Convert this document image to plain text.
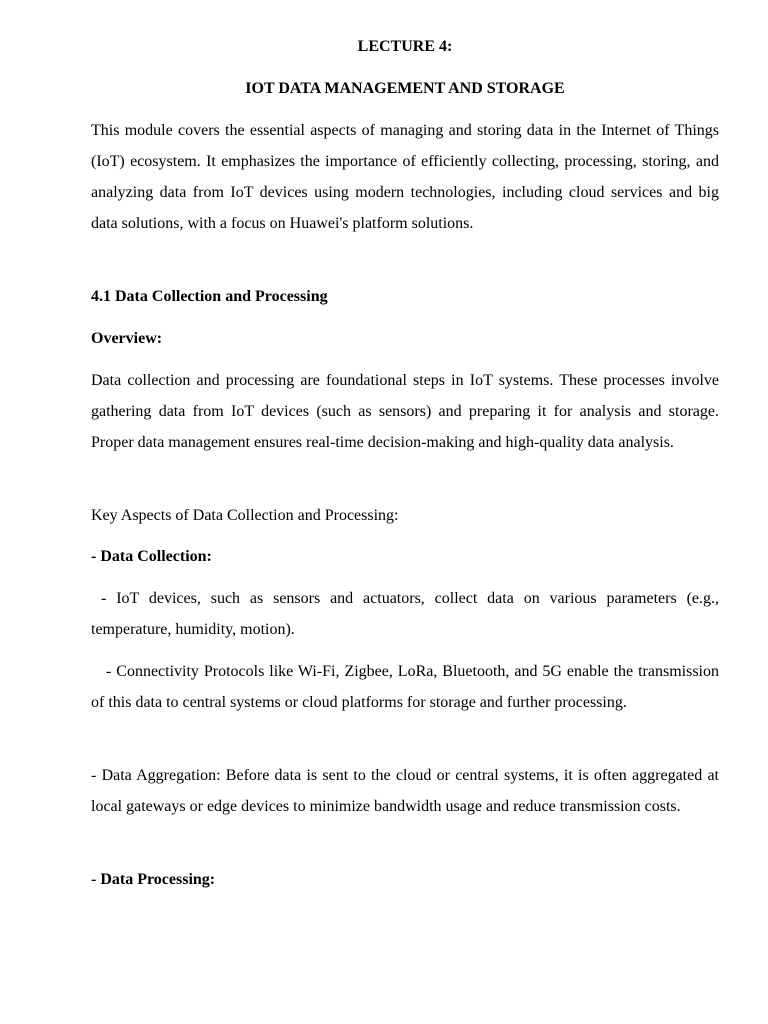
LECTURE 4:

IOT DATA MANAGEMENT AND STORAGE

This module covers the essential aspects of managing and storing data in the Internet of Things (IoT) ecosystem. It emphasizes the importance of efficiently collecting, processing, storing, and analyzing data from IoT devices using modern technologies, including cloud services and big data solutions, with a focus on Huawei's platform solutions.

4.1 Data Collection and Processing

Overview:

Data collection and processing are foundational steps in IoT systems. These processes involve gathering data from IoT devices (such as sensors) and preparing it for analysis and storage. Proper data management ensures real-time decision-making and high-quality data analysis.

Key Aspects of Data Collection and Processing:

- Data Collection:

- IoT devices, such as sensors and actuators, collect data on various parameters (e.g., temperature, humidity, motion).

- Connectivity Protocols like Wi-Fi, Zigbee, LoRa, Bluetooth, and 5G enable the transmission of this data to central systems or cloud platforms for storage and further processing.

- Data Aggregation: Before data is sent to the cloud or central systems, it is often aggregated at local gateways or edge devices to minimize bandwidth usage and reduce transmission costs.

- Data Processing:
